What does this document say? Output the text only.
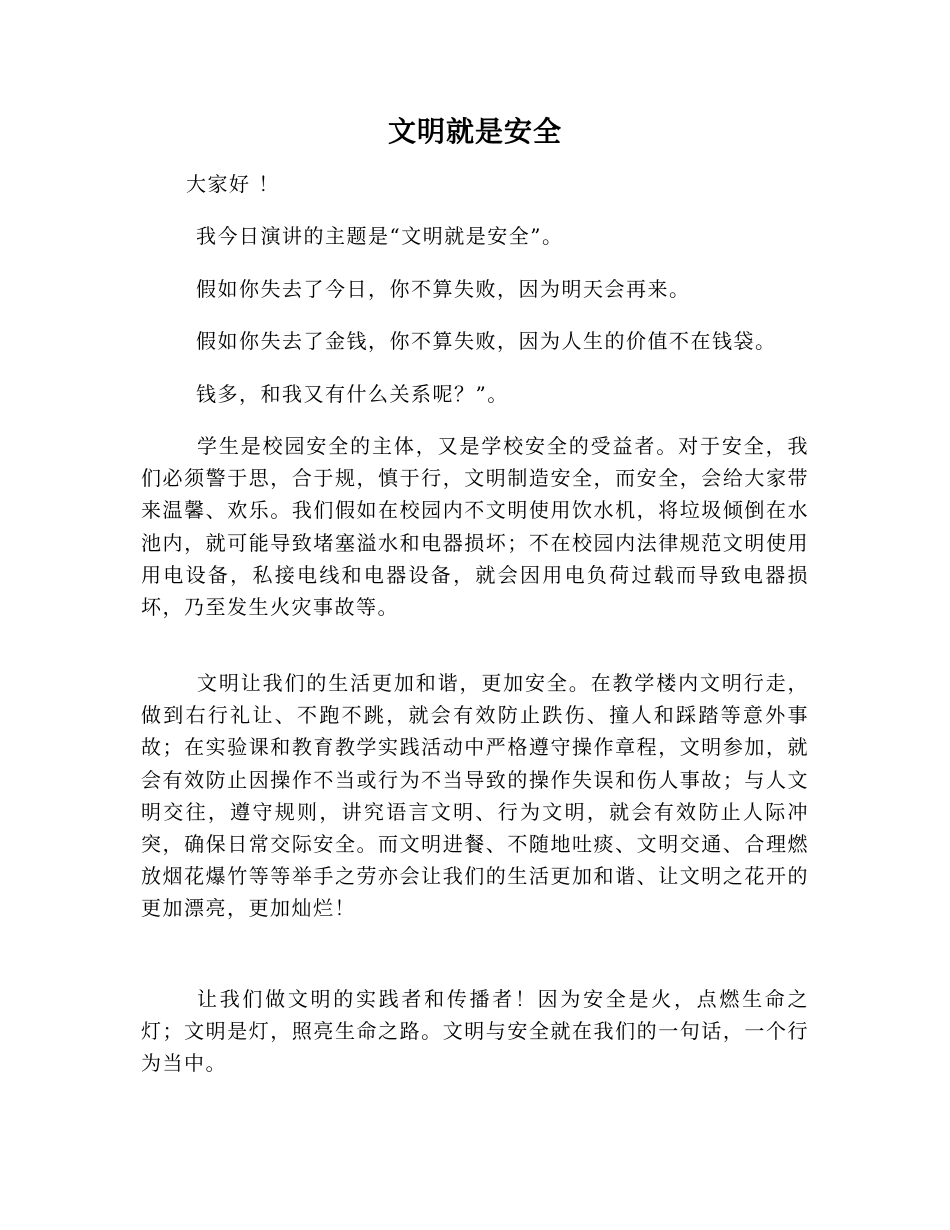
文明就是安全
大家好 ！
我今日演讲的主题是“文明就是安全”。
假如你失去了今日，你不算失败，因为明天会再来。
假如你失去了金钱，你不算失败，因为人生的价值不在钱袋。
钱多，和我又有什么关系呢？”。

学生是校园安全的主体，又是学校安全的受益者。对于安全，我们必须警于思，合于规，慎于行，文明制造安全，而安全，会给大家带来温馨、欢乐。我们假如在校园内不文明使用饮水机，将垃圾倾倒在水池内，就可能导致堵塞溢水和电器损坏；不在校园内法律规范文明使用用电设备，私接电线和电器设备，就会因用电负荷过载而导致电器损坏，乃至发生火灾事故等。

文明让我们的生活更加和谐，更加安全。在教学楼内文明行走，做到右行礼让、不跑不跳，就会有效防止跌伤、撞人和踩踏等意外事故；在实验课和教育教学实践活动中严格遵守操作章程，文明参加，就会有效防止因操作不当或行为不当导致的操作失误和伤人事故；与人文明交往，遵守规则，讲究语言文明、行为文明，就会有效防止人际冲突，确保日常交际安全。而文明进餐、不随地吐痰、文明交通、合理燃放烟花爆竹等等举手之劳亦会让我们的生活更加和谐、让文明之花开的更加漂亮，更加灿烂！

让我们做文明的实践者和传播者！因为安全是火，点燃生命之灯；文明是灯，照亮生命之路。文明与安全就在我们的一句话，一个行为当中。
